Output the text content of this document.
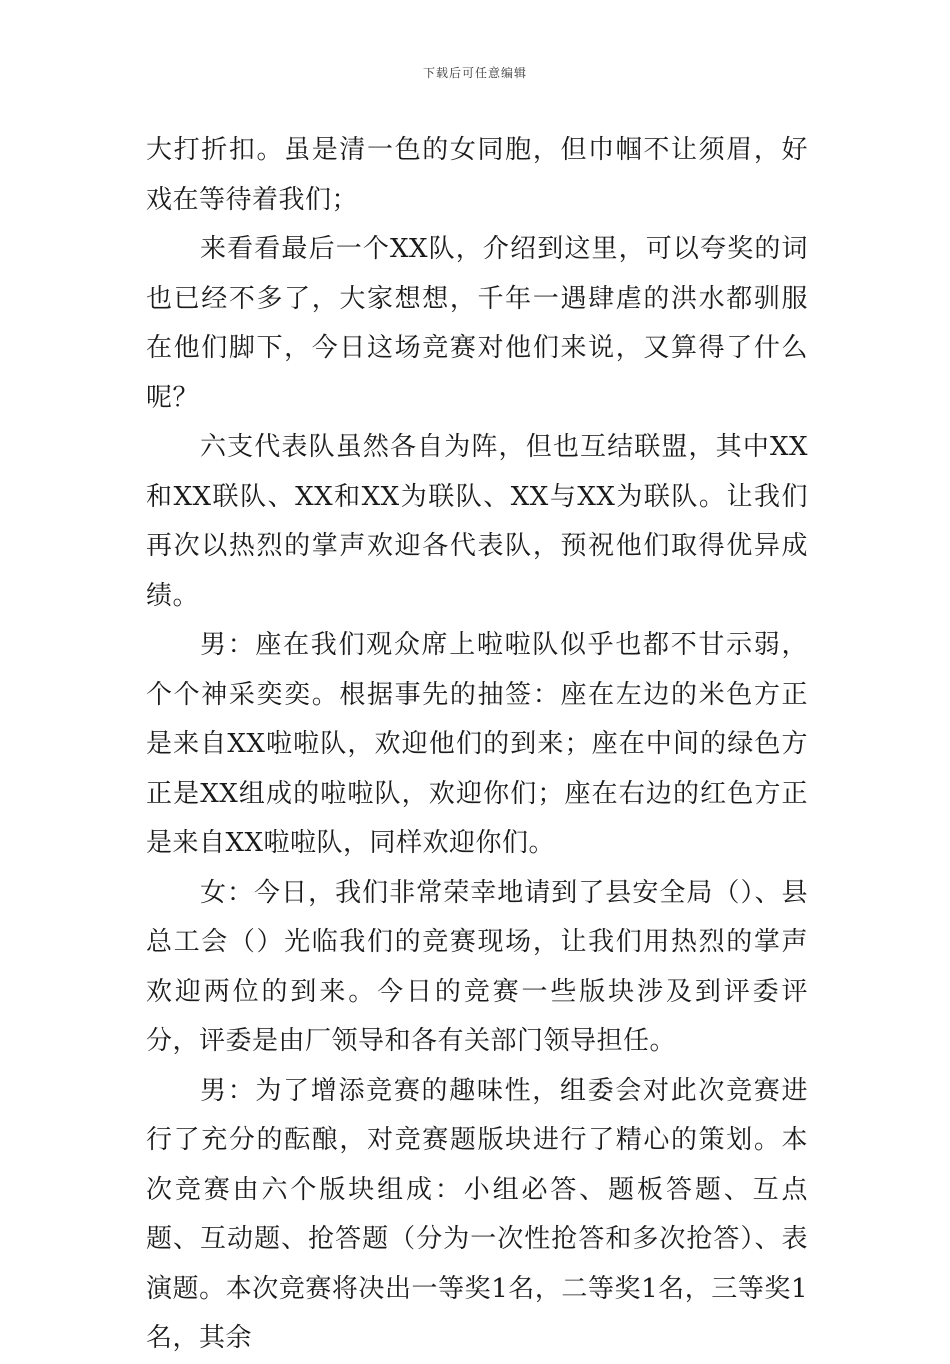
下载后可任意编辑

大打折扣。虽是清一色的女同胞，但巾帼不让须眉，好戏在等待着我们；

来看看最后一个XX队，介绍到这里，可以夸奖的词也已经不多了，大家想想，千年一遇肆虐的洪水都驯服在他们脚下，今日这场竞赛对他们来说，又算得了什么呢？

六支代表队虽然各自为阵，但也互结联盟，其中XX和XX联队、XX和XX为联队、XX与XX为联队。让我们再次以热烈的掌声欢迎各代表队，预祝他们取得优异成绩。

男：座在我们观众席上啦啦队似乎也都不甘示弱，个个神采奕奕。根据事先的抽签：座在左边的米色方正是来自XX啦啦队，欢迎他们的到来；座在中间的绿色方正是XX组成的啦啦队，欢迎你们；座在右边的红色方正是来自XX啦啦队，同样欢迎你们。

女：今日，我们非常荣幸地请到了县安全局（）、县总工会（）光临我们的竞赛现场，让我们用热烈的掌声欢迎两位的到来。今日的竞赛一些版块涉及到评委评分，评委是由厂领导和各有关部门领导担任。

男：为了增添竞赛的趣味性，组委会对此次竞赛进行了充分的酝酿，对竞赛题版块进行了精心的策划。本次竞赛由六个版块组成：小组必答、题板答题、互点题、互动题、抢答题（分为一次性抢答和多次抢答）、表演题。本次竞赛将决出一等奖1名，二等奖1名，三等奖1名，其余
